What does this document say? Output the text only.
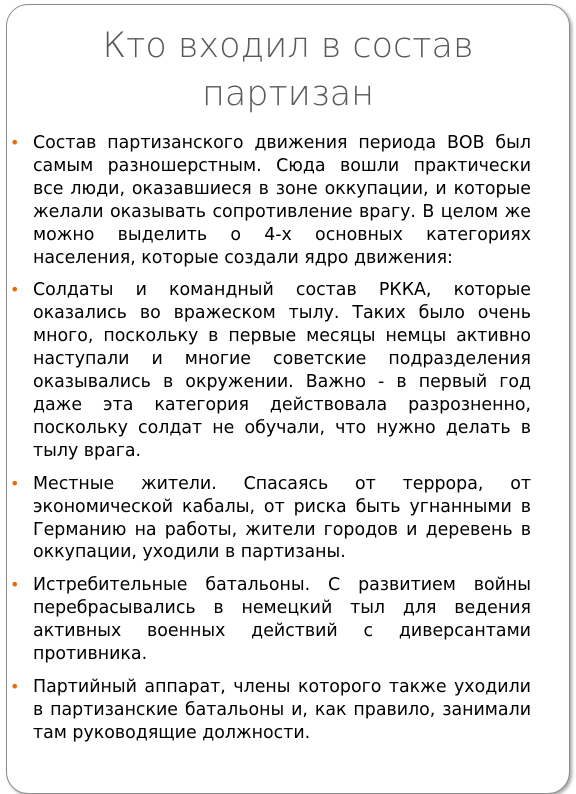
Кто входил в состав
партизан
• Состав партизанского движения периода ВОВ был самым разношерстным. Сюда вошли практически все люди, оказавшиеся в зоне оккупации, и которые желали оказывать сопротивление врагу. В целом же можно выделить о 4-х основных категориях населения, которые создали ядро движения:
• Солдаты и командный состав РККА, которые оказались во вражеском тылу. Таких было очень много, поскольку в первые месяцы немцы активно наступали и многие советские подразделения оказывались в окружении. Важно - в первый год даже эта категория действовала разрозненно, поскольку солдат не обучали, что нужно делать в тылу врага.
• Местные жители. Спасаясь от террора, от экономической кабалы, от риска быть угнанными в Германию на работы, жители городов и деревень в оккупации, уходили в партизаны.
• Истребительные батальоны. С развитием войны перебрасывались в немецкий тыл для ведения активных военных действий с диверсантами противника.
• Партийный аппарат, члены которого также уходили в партизанские батальоны и, как правило, занимали там руководящие должности.
